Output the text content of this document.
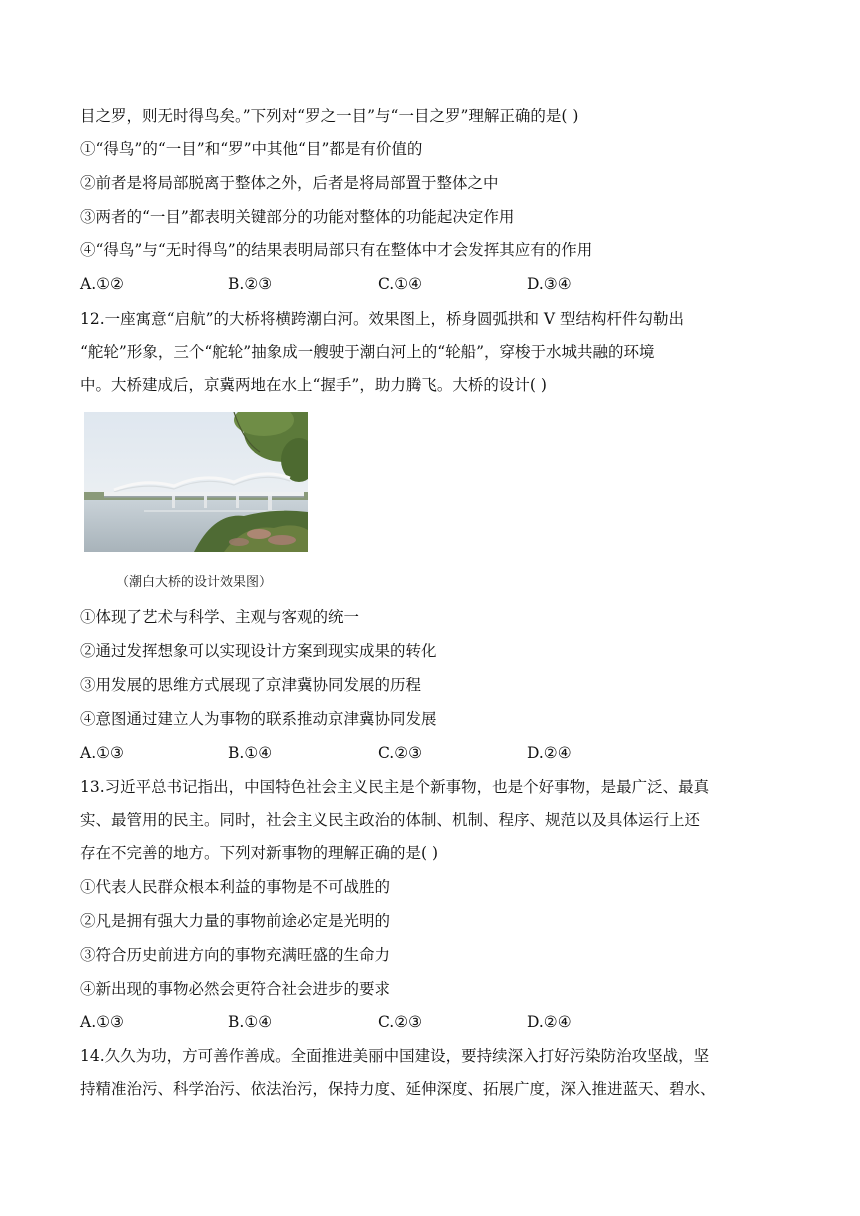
目之罗，则无时得鸟矣。”下列对“罗之一目”与“一目之罗”理解正确的是( )
①“得鸟”的“一目”和“罗”中其他“目”都是有价值的
②前者是将局部脱离于整体之外，后者是将局部置于整体之中
③两者的“一目”都表明关键部分的功能对整体的功能起决定作用
④“得鸟”与“无时得鸟”的结果表明局部只有在整体中才会发挥其应有的作用
A.①②	B.②③	C.①④	D.③④
12.一座寓意“启航”的大桥将横跨潮白河。效果图上，桥身圆弧拱和 V 型结构杆件勾勒出
“舵轮”形象，三个“舵轮”抽象成一艘驶于潮白河上的“轮船”，穿梭于水城共融的环境
中。大桥建成后，京冀两地在水上“握手”，助力腾飞。大桥的设计( )
（潮白大桥的设计效果图）
①体现了艺术与科学、主观与客观的统一
②通过发挥想象可以实现设计方案到现实成果的转化
③用发展的思维方式展现了京津冀协同发展的历程
④意图通过建立人为事物的联系推动京津冀协同发展
A.①③	B.①④	C.②③	D.②④
13.习近平总书记指出，中国特色社会主义民主是个新事物，也是个好事物，是最广泛、最真
实、最管用的民主。同时，社会主义民主政治的体制、机制、程序、规范以及具体运行上还
存在不完善的地方。下列对新事物的理解正确的是( )
①代表人民群众根本利益的事物是不可战胜的
②凡是拥有强大力量的事物前途必定是光明的
③符合历史前进方向的事物充满旺盛的生命力
④新出现的事物必然会更符合社会进步的要求
A.①③	B.①④	C.②③	D.②④
14.久久为功，方可善作善成。全面推进美丽中国建设，要持续深入打好污染防治攻坚战，坚
持精准治污、科学治污、依法治污，保持力度、延伸深度、拓展广度，深入推进蓝天、碧水、
